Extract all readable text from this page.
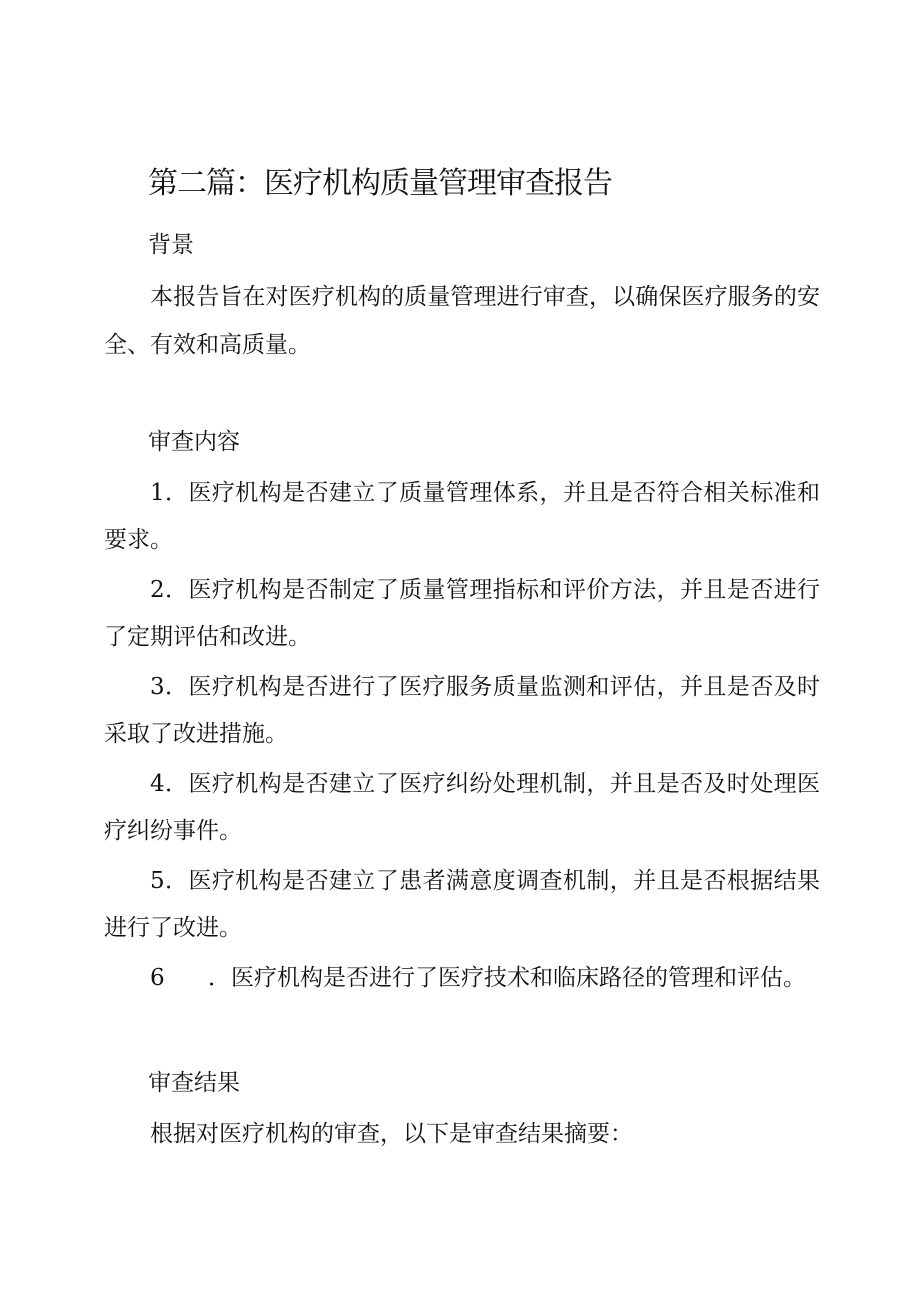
第二篇：医疗机构质量管理审查报告
背景
本报告旨在对医疗机构的质量管理进行审查，以确保医疗服务的安全、有效和高质量。
审查内容
1．医疗机构是否建立了质量管理体系，并且是否符合相关标准和要求。
2．医疗机构是否制定了质量管理指标和评价方法，并且是否进行了定期评估和改进。
3．医疗机构是否进行了医疗服务质量监测和评估，并且是否及时采取了改进措施。
4．医疗机构是否建立了医疗纠纷处理机制，并且是否及时处理医疗纠纷事件。
5．医疗机构是否建立了患者满意度调查机制，并且是否根据结果进行了改进。
6 ．医疗机构是否进行了医疗技术和临床路径的管理和评估。
审查结果
根据对医疗机构的审查，以下是审查结果摘要：
